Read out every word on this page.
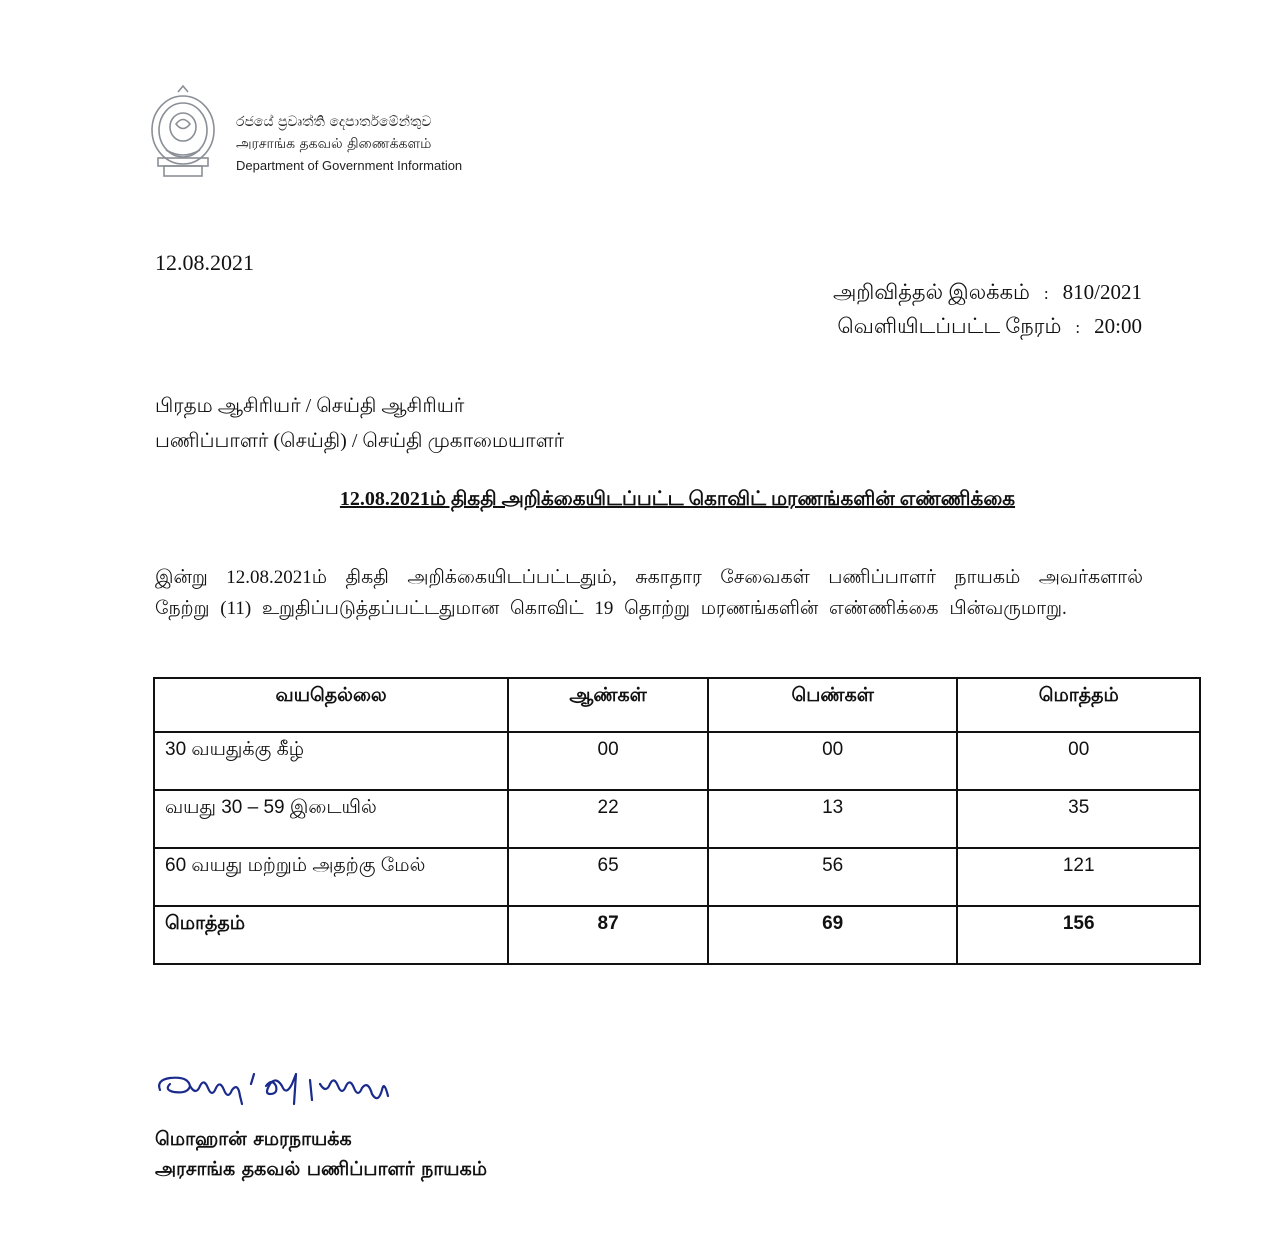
රජයේ ප්‍රවෘත්ති දෙපාර්තමේන්තුව
அரசாங்க தகவல் திணைக்களம்
Department of Government Information
12.08.2021
அறிவித்தல் இலக்கம் : 810/2021
வெளியிடப்பட்ட நேரம் : 20:00
பிரதம ஆசிரியர் / செய்தி ஆசிரியர்
பணிப்பாளர் (செய்தி) / செய்தி முகாமையாளர்
12.08.2021ம் திகதி அறிக்கையிடப்பட்ட கொவிட் மரணங்களின் எண்ணிக்கை
இன்று 12.08.2021ம் திகதி அறிக்கையிடப்பட்டதும், சுகாதார சேவைகள் பணிப்பாளர் நாயகம் அவர்களால் நேற்று (11) உறுதிப்படுத்தப்பட்டதுமான கொவிட் 19 தொற்று மரணங்களின் எண்ணிக்கை பின்வருமாறு.
வயதெல்லை	ஆண்கள்	பெண்கள்	மொத்தம்
30 வயதுக்கு கீழ்	00	00	00
வயது 30 – 59 இடையில்	22	13	35
60 வயது மற்றும் அதற்கு மேல்	65	56	121
மொத்தம்	87	69	156
மொஹான் சமரநாயக்க
அரசாங்க தகவல் பணிப்பாளர் நாயகம்
